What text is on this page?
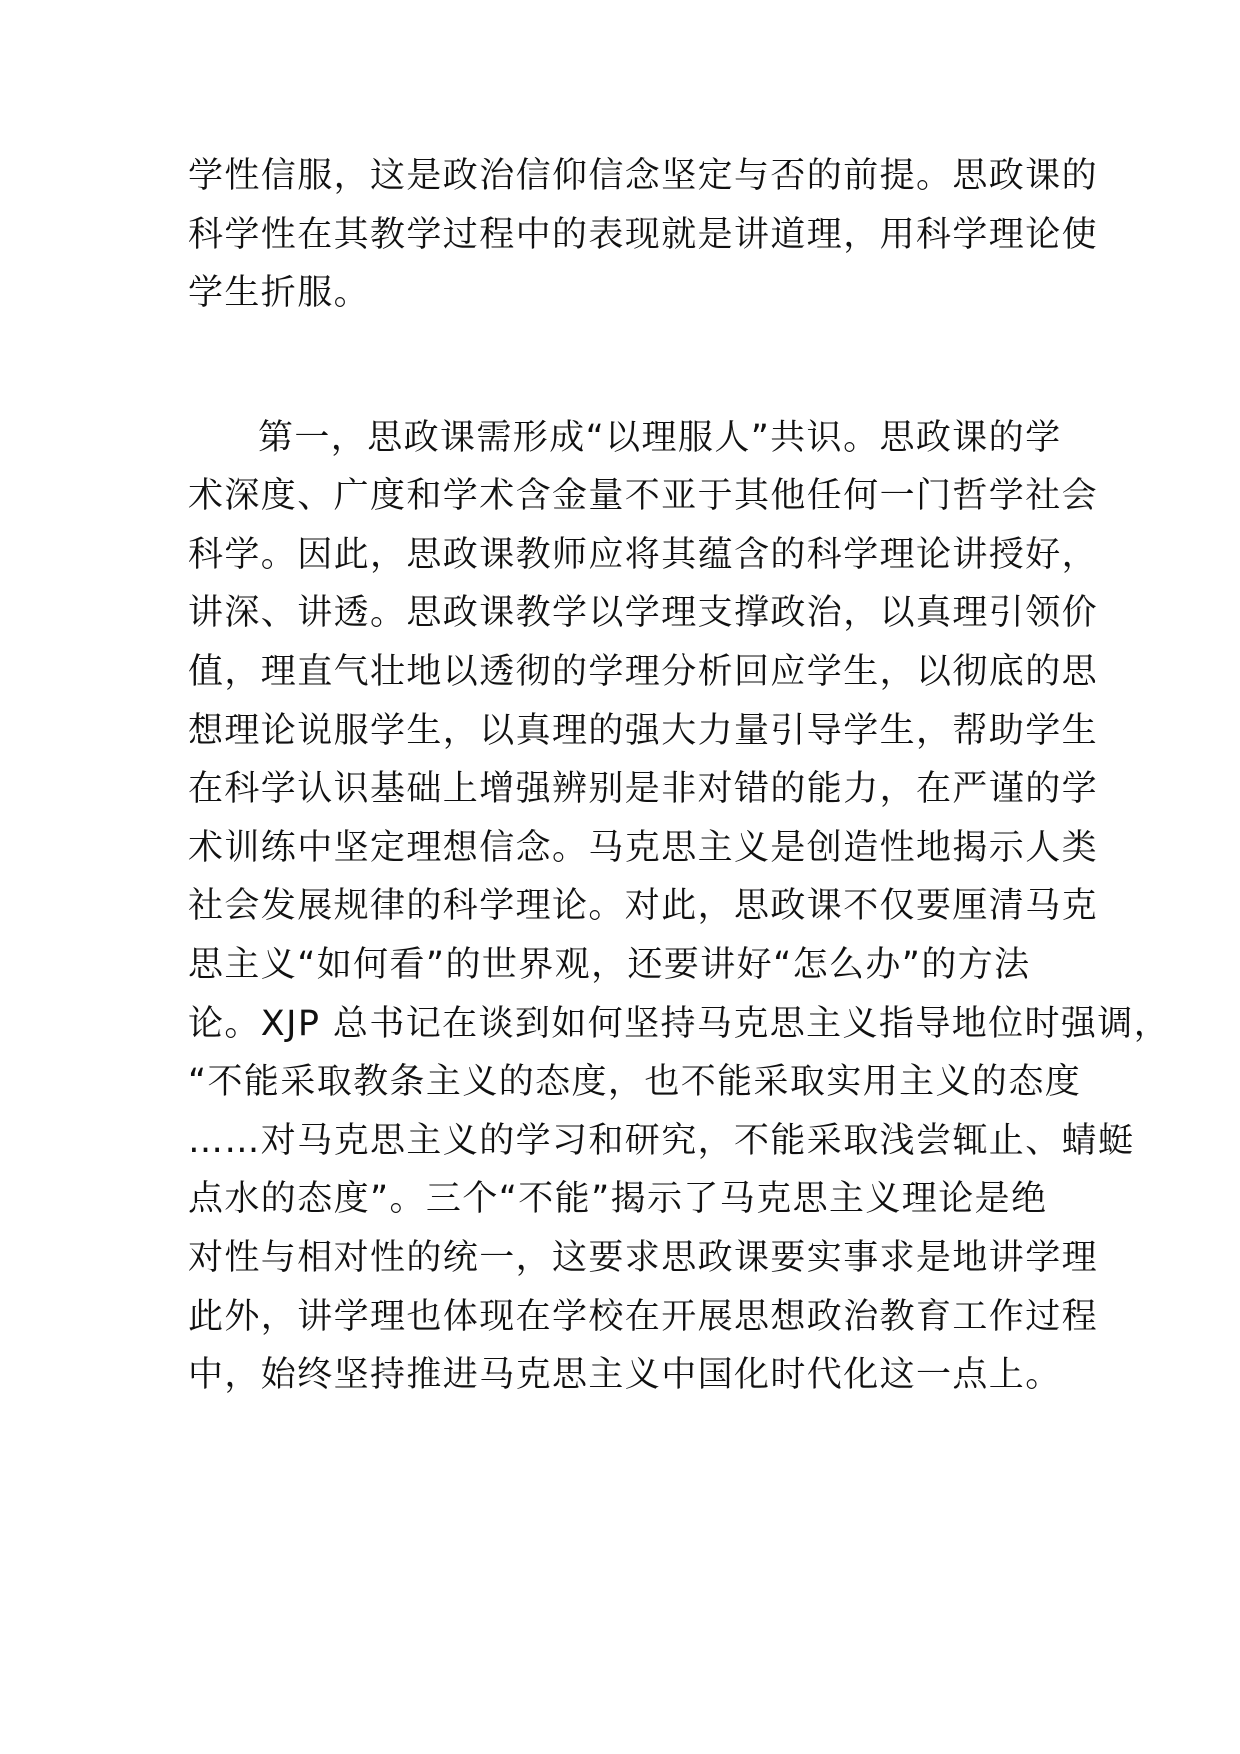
学性信服，这是政治信仰信念坚定与否的前提。思政课的
科学性在其教学过程中的表现就是讲道理，用科学理论使
学生折服。
第一，思政课需形成“以理服人”共识。思政课的学
术深度、广度和学术含金量不亚于其他任何一门哲学社会
科学。因此，思政课教师应将其蕴含的科学理论讲授好，
讲深、讲透。思政课教学以学理支撑政治，以真理引领价
值，理直气壮地以透彻的学理分析回应学生，以彻底的思
想理论说服学生，以真理的强大力量引导学生，帮助学生
在科学认识基础上增强辨别是非对错的能力，在严谨的学
术训练中坚定理想信念。马克思主义是创造性地揭示人类
社会发展规律的科学理论。对此，思政课不仅要厘清马克
思主义“如何看”的世界观，还要讲好“怎么办”的方法
论。XJP 总书记在谈到如何坚持马克思主义指导地位时强调，
“不能采取教条主义的态度，也不能采取实用主义的态度
……对马克思主义的学习和研究，不能采取浅尝辄止、蜻蜓
点水的态度”。三个“不能”揭示了马克思主义理论是绝
对性与相对性的统一，这要求思政课要实事求是地讲学理
此外，讲学理也体现在学校在开展思想政治教育工作过程
中，始终坚持推进马克思主义中国化时代化这一点上。
